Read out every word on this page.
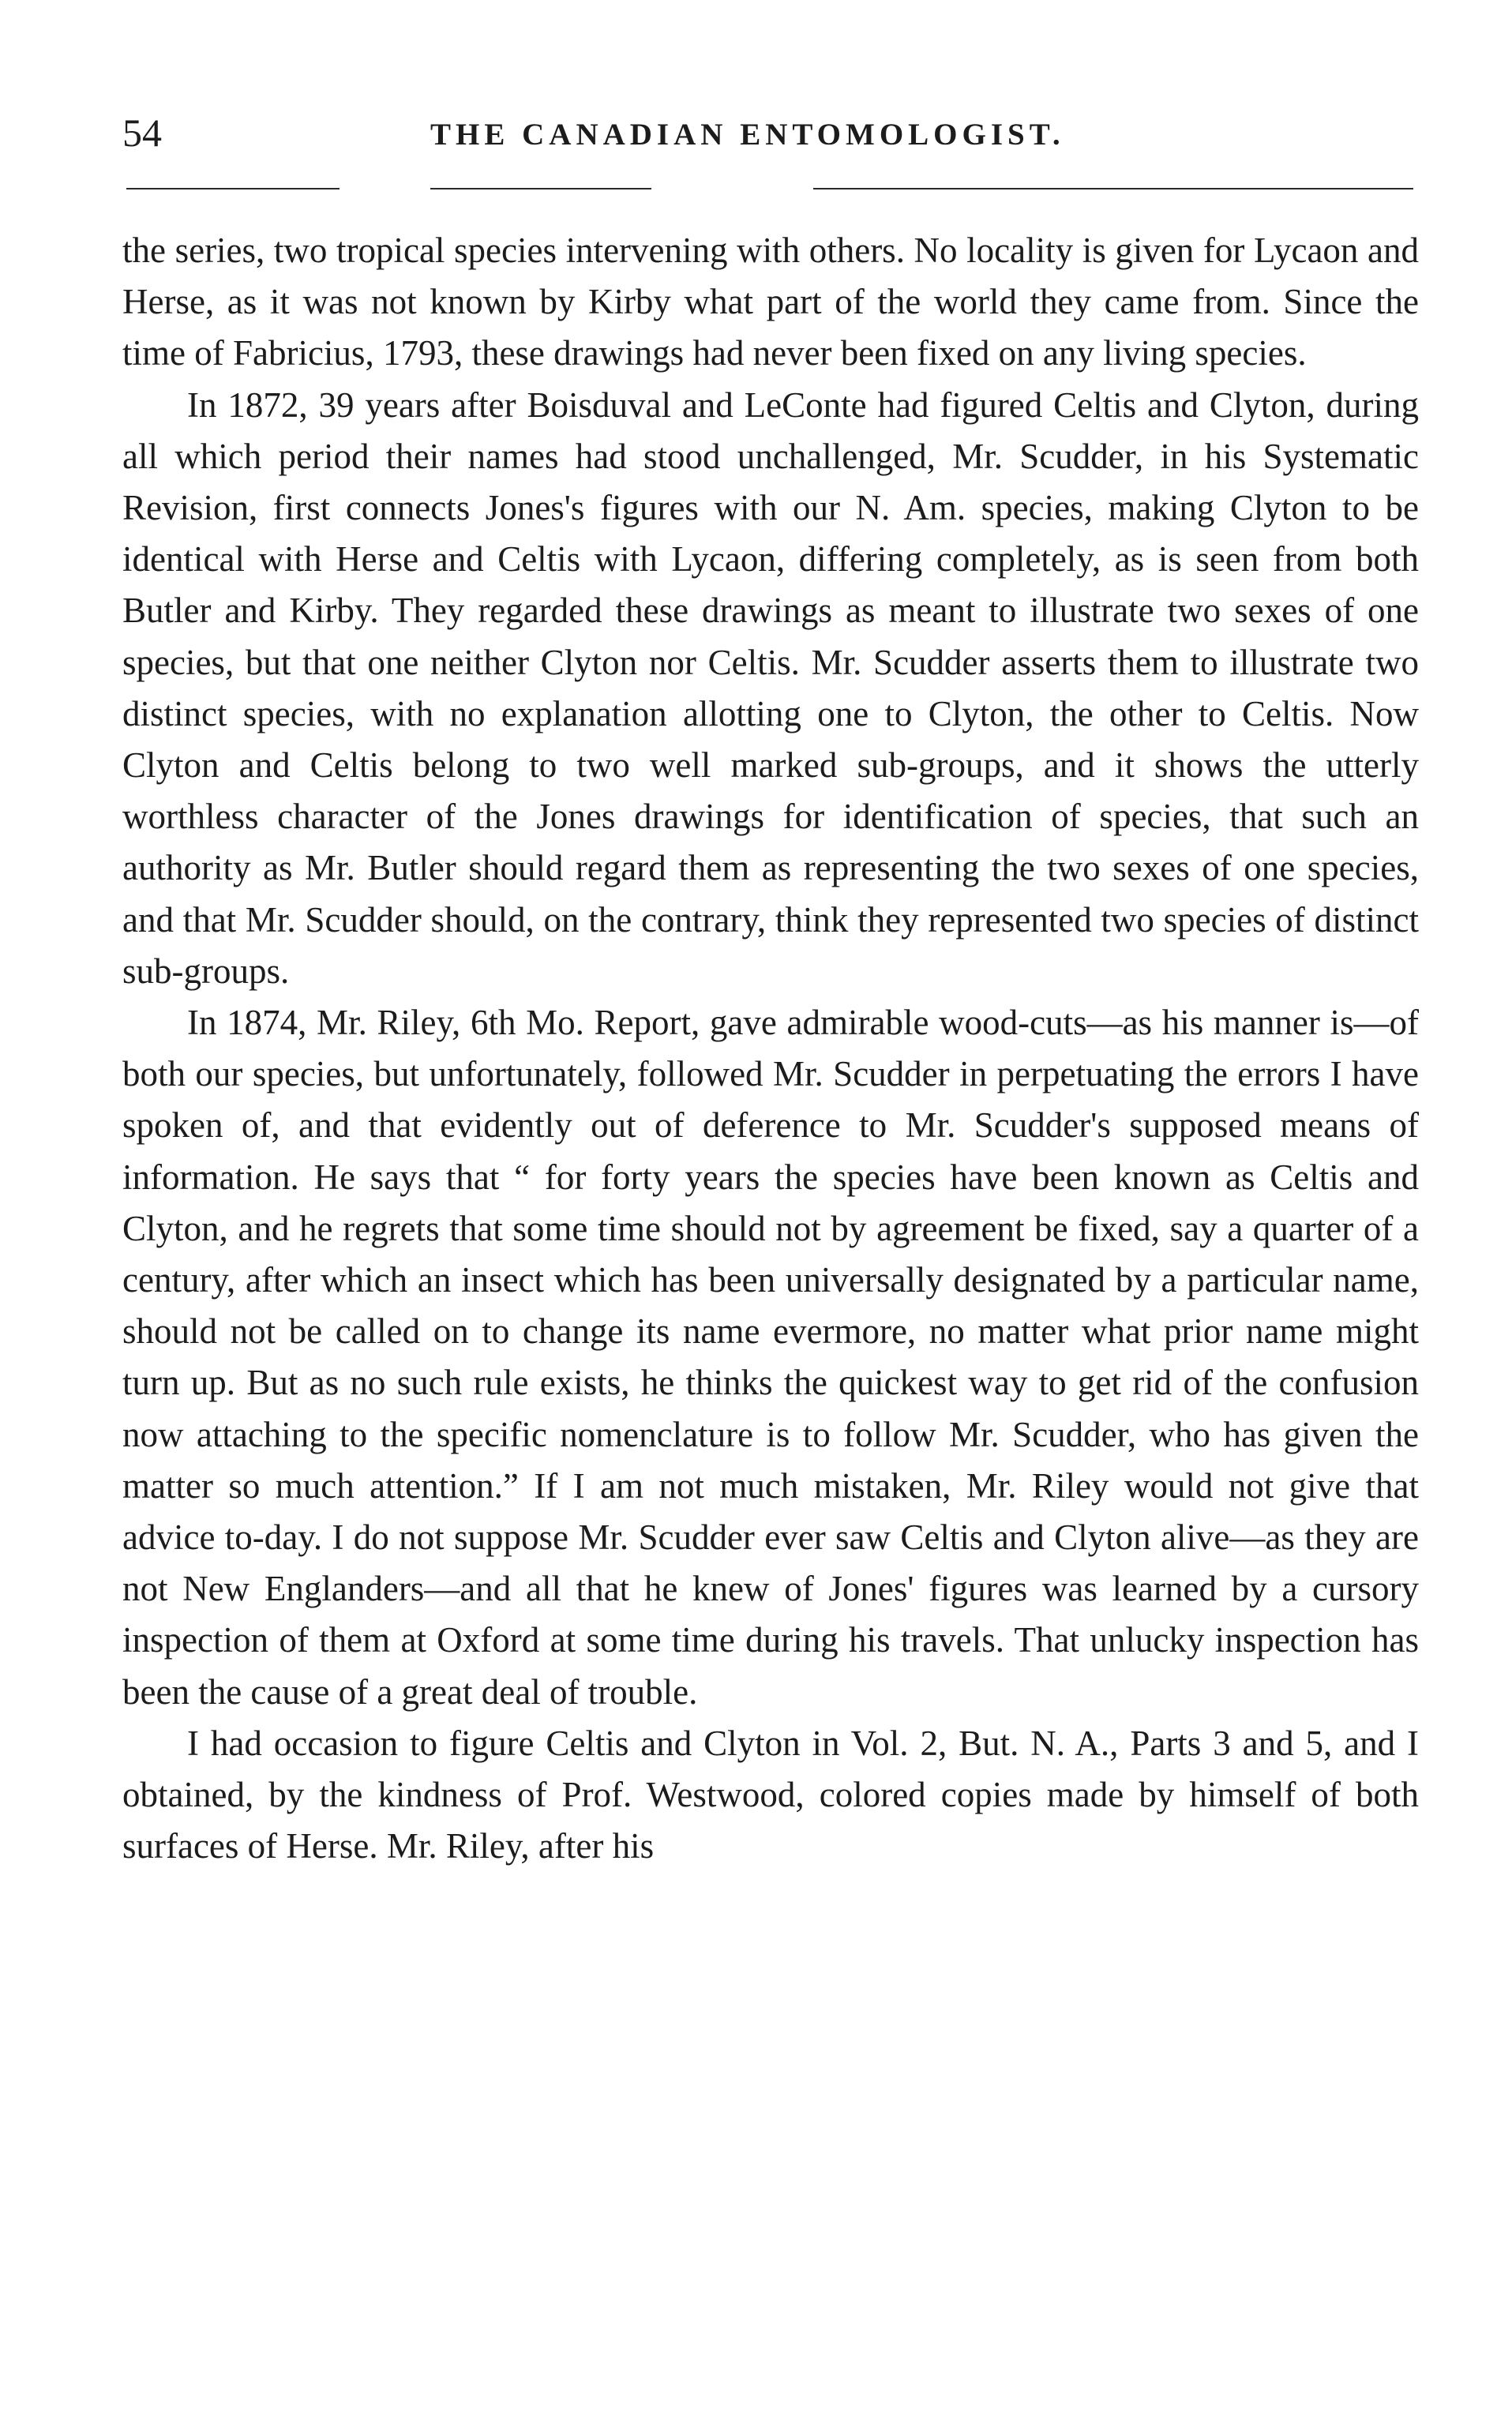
54	THE CANADIAN ENTOMOLOGIST.

the series, two tropical species intervening with others. No locality is given for Lycaon and Herse, as it was not known by Kirby what part of the world they came from. Since the time of Fabricius, 1793, these drawings had never been fixed on any living species.

In 1872, 39 years after Boisduval and LeConte had figured Celtis and Clyton, during all which period their names had stood unchallenged, Mr. Scudder, in his Systematic Revision, first connects Jones's figures with our N. Am. species, making Clyton to be identical with Herse and Celtis with Lycaon, differing completely, as is seen from both Butler and Kirby. They regarded these drawings as meant to illustrate two sexes of one species, but that one neither Clyton nor Celtis. Mr. Scudder asserts them to illustrate two distinct species, with no explanation allotting one to Clyton, the other to Celtis. Now Clyton and Celtis belong to two well marked sub-groups, and it shows the utterly worthless character of the Jones drawings for identification of species, that such an authority as Mr. Butler should regard them as representing the two sexes of one species, and that Mr. Scudder should, on the contrary, think they represented two species of distinct sub-groups.

In 1874, Mr. Riley, 6th Mo. Report, gave admirable wood-cuts—as his manner is—of both our species, but unfortunately, followed Mr. Scudder in perpetuating the errors I have spoken of, and that evidently out of deference to Mr. Scudder's supposed means of information. He says that “ for forty years the species have been known as Celtis and Clyton, and he regrets that some time should not by agreement be fixed, say a quarter of a century, after which an insect which has been universally designated by a particular name, should not be called on to change its name evermore, no matter what prior name might turn up. But as no such rule exists, he thinks the quickest way to get rid of the confusion now attaching to the specific nomenclature is to follow Mr. Scudder, who has given the matter so much attention.” If I am not much mistaken, Mr. Riley would not give that advice to-day. I do not suppose Mr. Scudder ever saw Celtis and Clyton alive—as they are not New Englanders—and all that he knew of Jones' figures was learned by a cursory inspection of them at Oxford at some time during his travels. That unlucky inspection has been the cause of a great deal of trouble.

I had occasion to figure Celtis and Clyton in Vol. 2, But. N. A., Parts 3 and 5, and I obtained, by the kindness of Prof. Westwood, colored copies made by himself of both surfaces of Herse. Mr. Riley, after his
